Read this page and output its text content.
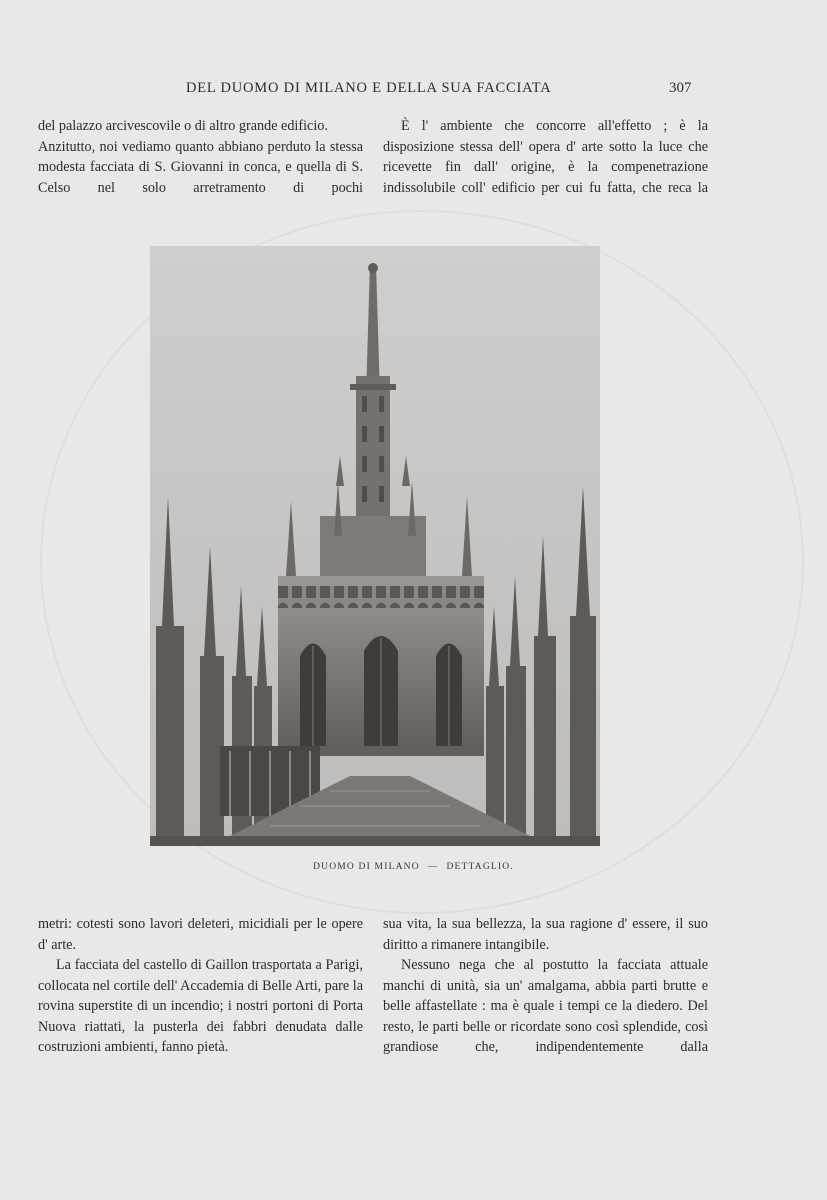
DEL DUOMO DI MILANO E DELLA SUA FACCIATA	307

del palazzo arcivescovile o di altro grande edificio.

Anzitutto, noi vediamo quanto abbiano perduto la stessa modesta facciata di S. Giovanni in conca, e quella di S. Celso nel solo arretramento di pochi

È l' ambiente che concorre all'effetto ; è la disposizione stessa dell' opera d' arte sotto la luce che ricevette fin dall' origine, è la compenetrazione indissolubile coll' edificio per cui fu fatta, che reca la

DUOMO DI MILANO — DETTAGLIO.

metri: cotesti sono lavori deleteri, micidiali per le opere d' arte.

La facciata del castello di Gaillon trasportata a Parigi, collocata nel cortile dell' Accademia di Belle Arti, pare la rovina superstite di un incendio; i nostri portoni di Porta Nuova riattati, la pusterla dei fabbri denudata dalle costruzioni ambienti, fanno pietà.

sua vita, la sua bellezza, la sua ragione d' essere, il suo diritto a rimanere intangibile.

Nessuno nega che al postutto la facciata attuale manchi di unità, sia un' amalgama, abbia parti brutte e belle affastellate : ma è quale i tempi ce la diedero. Del resto, le parti belle or ricordate sono così splendide, così grandiose che, indipendentemente dalla
